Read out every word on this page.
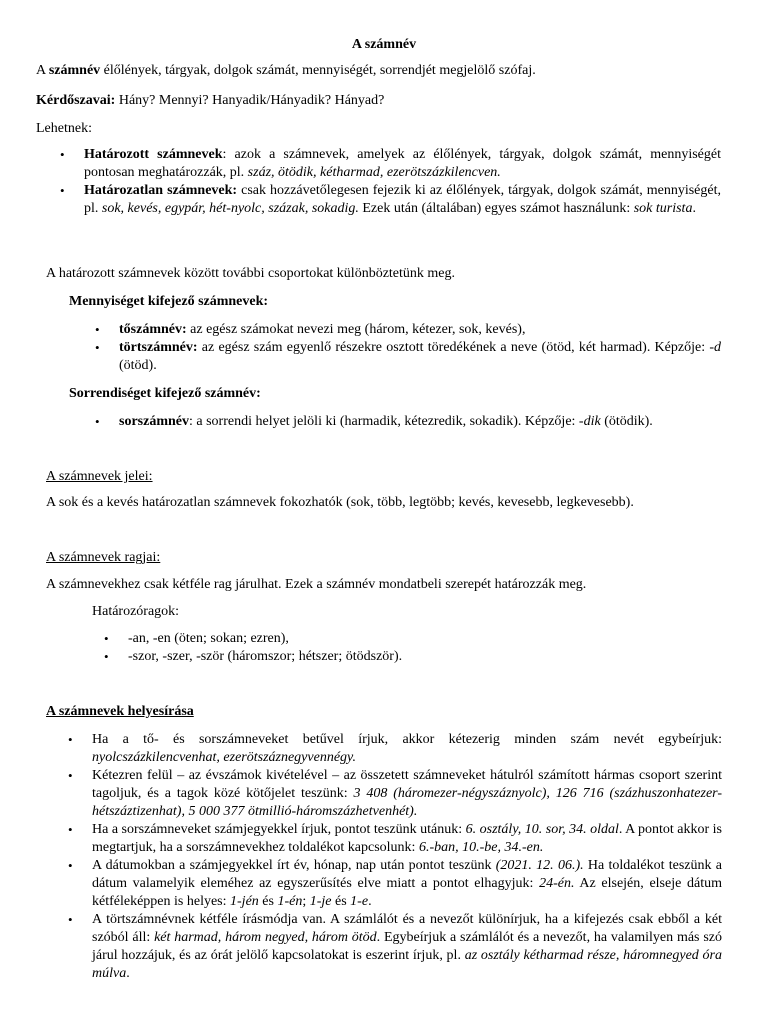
A számnév

A számnév élőlények, tárgyak, dolgok számát, mennyiségét, sorrendjét megjelölő szófaj.

Kérdőszavai: Hány? Mennyi? Hanyadik/Hányadik? Hányad?

Lehetnek:

• Határozott számnevek: azok a számnevek, amelyek az élőlények, tárgyak, dolgok számát, mennyiségét pontosan meghatározzák, pl. száz, ötödik, kétharmad, ezerötszázkilencven.
• Határozatlan számnevek: csak hozzávetőlegesen fejezik ki az élőlények, tárgyak, dolgok számát, mennyiségét, pl. sok, kevés, egypár, hét-nyolc, százak, sokadig. Ezek után (általában) egyes számot használunk: sok turista.

A határozott számnevek között további csoportokat különböztetünk meg.

Mennyiséget kifejező számnevek:

• tőszámnév: az egész számokat nevezi meg (három, kétezer, sok, kevés),
• törtszámnév: az egész szám egyenlő részekre osztott töredékének a neve (ötöd, két harmad). Képzője: -d (ötöd).

Sorrendiséget kifejező számnév:

• sorszámnév: a sorrendi helyet jelöli ki (harmadik, kétezredik, sokadik). Képzője: -dik (ötödik).

A számnevek jelei:

A sok és a kevés határozatlan számnevek fokozhatók (sok, több, legtöbb; kevés, kevesebb, legkevesebb).

A számnevek ragjai:

A számnevekhez csak kétféle rag járulhat. Ezek a számnév mondatbeli szerepét határozzák meg.

Határozóragok:

• -an, -en (öten; sokan; ezren),
• -szor, -szer, -ször (háromszor; hétszer; ötödször).

A számnevek helyesírása

• Ha a tő- és sorszámneveket betűvel írjuk, akkor kétezerig minden szám nevét egybeírjuk: nyolcszázkilencvenhat, ezerötszáznegyvennégy.
• Kétezren felül – az évszámok kivételével – az összetett számneveket hátulról számított hármas csoport szerint tagoljuk, és a tagok közé kötőjelet teszünk: 3 408 (háromezer-négyszáznyolc), 126 716 (százhuszonhatezer-hétszáztizenhat), 5 000 377 ötmillió-háromszázhetvenhét).
• Ha a sorszámneveket számjegyekkel írjuk, pontot teszünk utánuk: 6. osztály, 10. sor, 34. oldal. A pontot akkor is megtartjuk, ha a sorszámnevekhez toldalékot kapcsolunk: 6.-ban, 10.-be, 34.-en.
• A dátumokban a számjegyekkel írt év, hónap, nap után pontot teszünk (2021. 12. 06.). Ha toldalékot teszünk a dátum valamelyik eleméhez az egyszerűsítés elve miatt a pontot elhagyjuk: 24-én. Az elsején, elseje dátum kétféleképpen is helyes: 1-jén és 1-én; 1-je és 1-e.
• A törtszámnévnek kétféle írásmódja van. A számlálót és a nevezőt különírjuk, ha a kifejezés csak ebből a két szóból áll: két harmad, három negyed, három ötöd. Egybeírjuk a számlálót és a nevezőt, ha valamilyen más szó járul hozzájuk, és az órát jelölő kapcsolatokat is eszerint írjuk, pl. az osztály kétharmad része, háromnegyed óra múlva.
